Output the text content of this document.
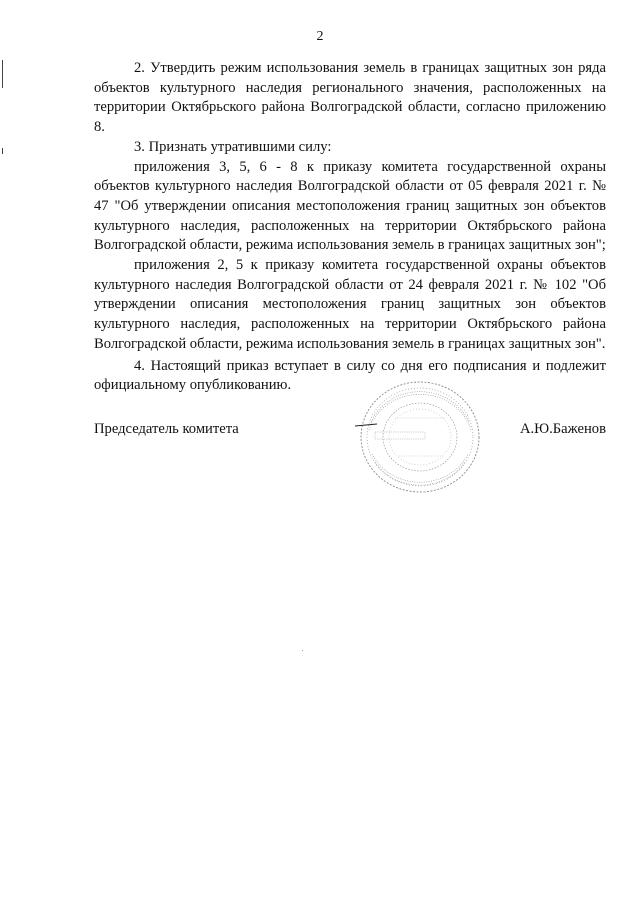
2

2. Утвердить режим использования земель в границах защитных зон ряда объектов культурного наследия регионального значения, расположенных на территории Октябрьского района Волгоградской области, согласно приложению 8.

3. Признать утратившими силу:

приложения 3, 5, 6 - 8 к приказу комитета государственной охраны объектов культурного наследия Волгоградской области от 05 февраля 2021 г. № 47 "Об утверждении описания местоположения границ защитных зон объектов культурного наследия, расположенных на территории Октябрьского района Волгоградской области, режима использования земель в границах защитных зон";

приложения 2, 5 к приказу комитета государственной охраны объектов культурного наследия Волгоградской области от 24 февраля 2021 г. № 102 "Об утверждении описания местоположения границ защитных зон объектов культурного наследия, расположенных на территории Октябрьского района Волгоградской области, режима использования земель в границах защитных зон".

4. Настоящий приказ вступает в силу со дня его подписания и подлежит официальному опубликованию.

Председатель комитета	А.Ю.Баженов
